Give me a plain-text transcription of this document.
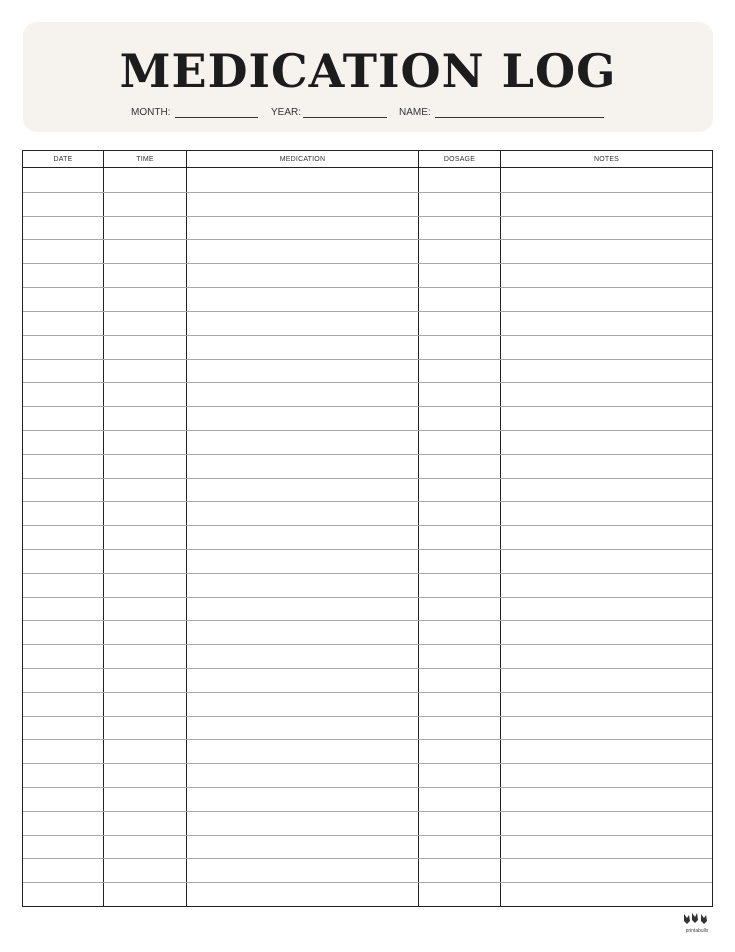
MEDICATION LOG
MONTH:	YEAR:	NAME:
DATE	TIME	MEDICATION	DOSAGE	NOTES
printabulls
